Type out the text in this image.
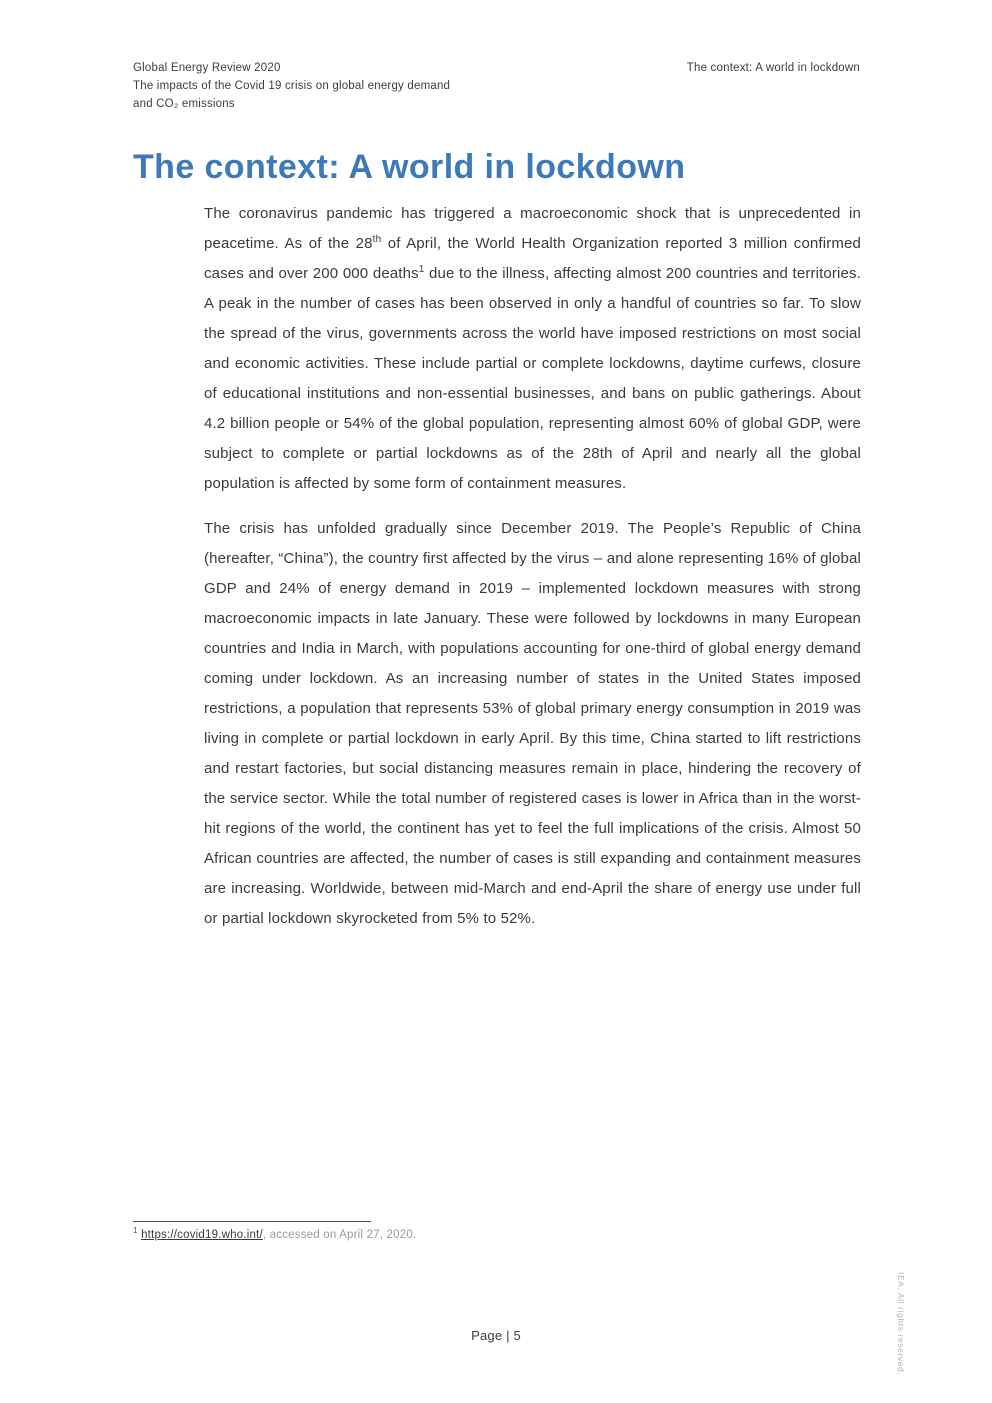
Global Energy Review 2020
The impacts of the Covid 19 crisis on global energy demand
and CO₂ emissions
The context: A world in lockdown
The context: A world in lockdown

The coronavirus pandemic has triggered a macroeconomic shock that is unprecedented in peacetime. As of the 28th of April, the World Health Organization reported 3 million confirmed cases and over 200 000 deaths$^1$ due to the illness, affecting almost 200 countries and territories. A peak in the number of cases has been observed in only a handful of countries so far. To slow the spread of the virus, governments across the world have imposed restrictions on most social and economic activities. These include partial or complete lockdowns, daytime curfews, closure of educational institutions and non-essential businesses, and bans on public gatherings. About 4.2 billion people or 54% of the global population, representing almost 60% of global GDP, were subject to complete or partial lockdowns as of the 28th of April and nearly all the global population is affected by some form of containment measures.

The crisis has unfolded gradually since December 2019. The People’s Republic of China (hereafter, “China”), the country first affected by the virus – and alone representing 16% of global GDP and 24% of energy demand in 2019 – implemented lockdown measures with strong macroeconomic impacts in late January. These were followed by lockdowns in many European countries and India in March, with populations accounting for one-third of global energy demand coming under lockdown. As an increasing number of states in the United States imposed restrictions, a population that represents 53% of global primary energy consumption in 2019 was living in complete or partial lockdown in early April. By this time, China started to lift restrictions and restart factories, but social distancing measures remain in place, hindering the recovery of the service sector. While the total number of registered cases is lower in Africa than in the worst-hit regions of the world, the continent has yet to feel the full implications of the crisis. Almost 50 African countries are affected, the number of cases is still expanding and containment measures are increasing. Worldwide, between mid-March and end-April the share of energy use under full or partial lockdown skyrocketed from 5% to 52%.

$^1$ https://covid19.who.int/, accessed on April 27, 2020.

Page | 5	IEA. All rights reserved.
